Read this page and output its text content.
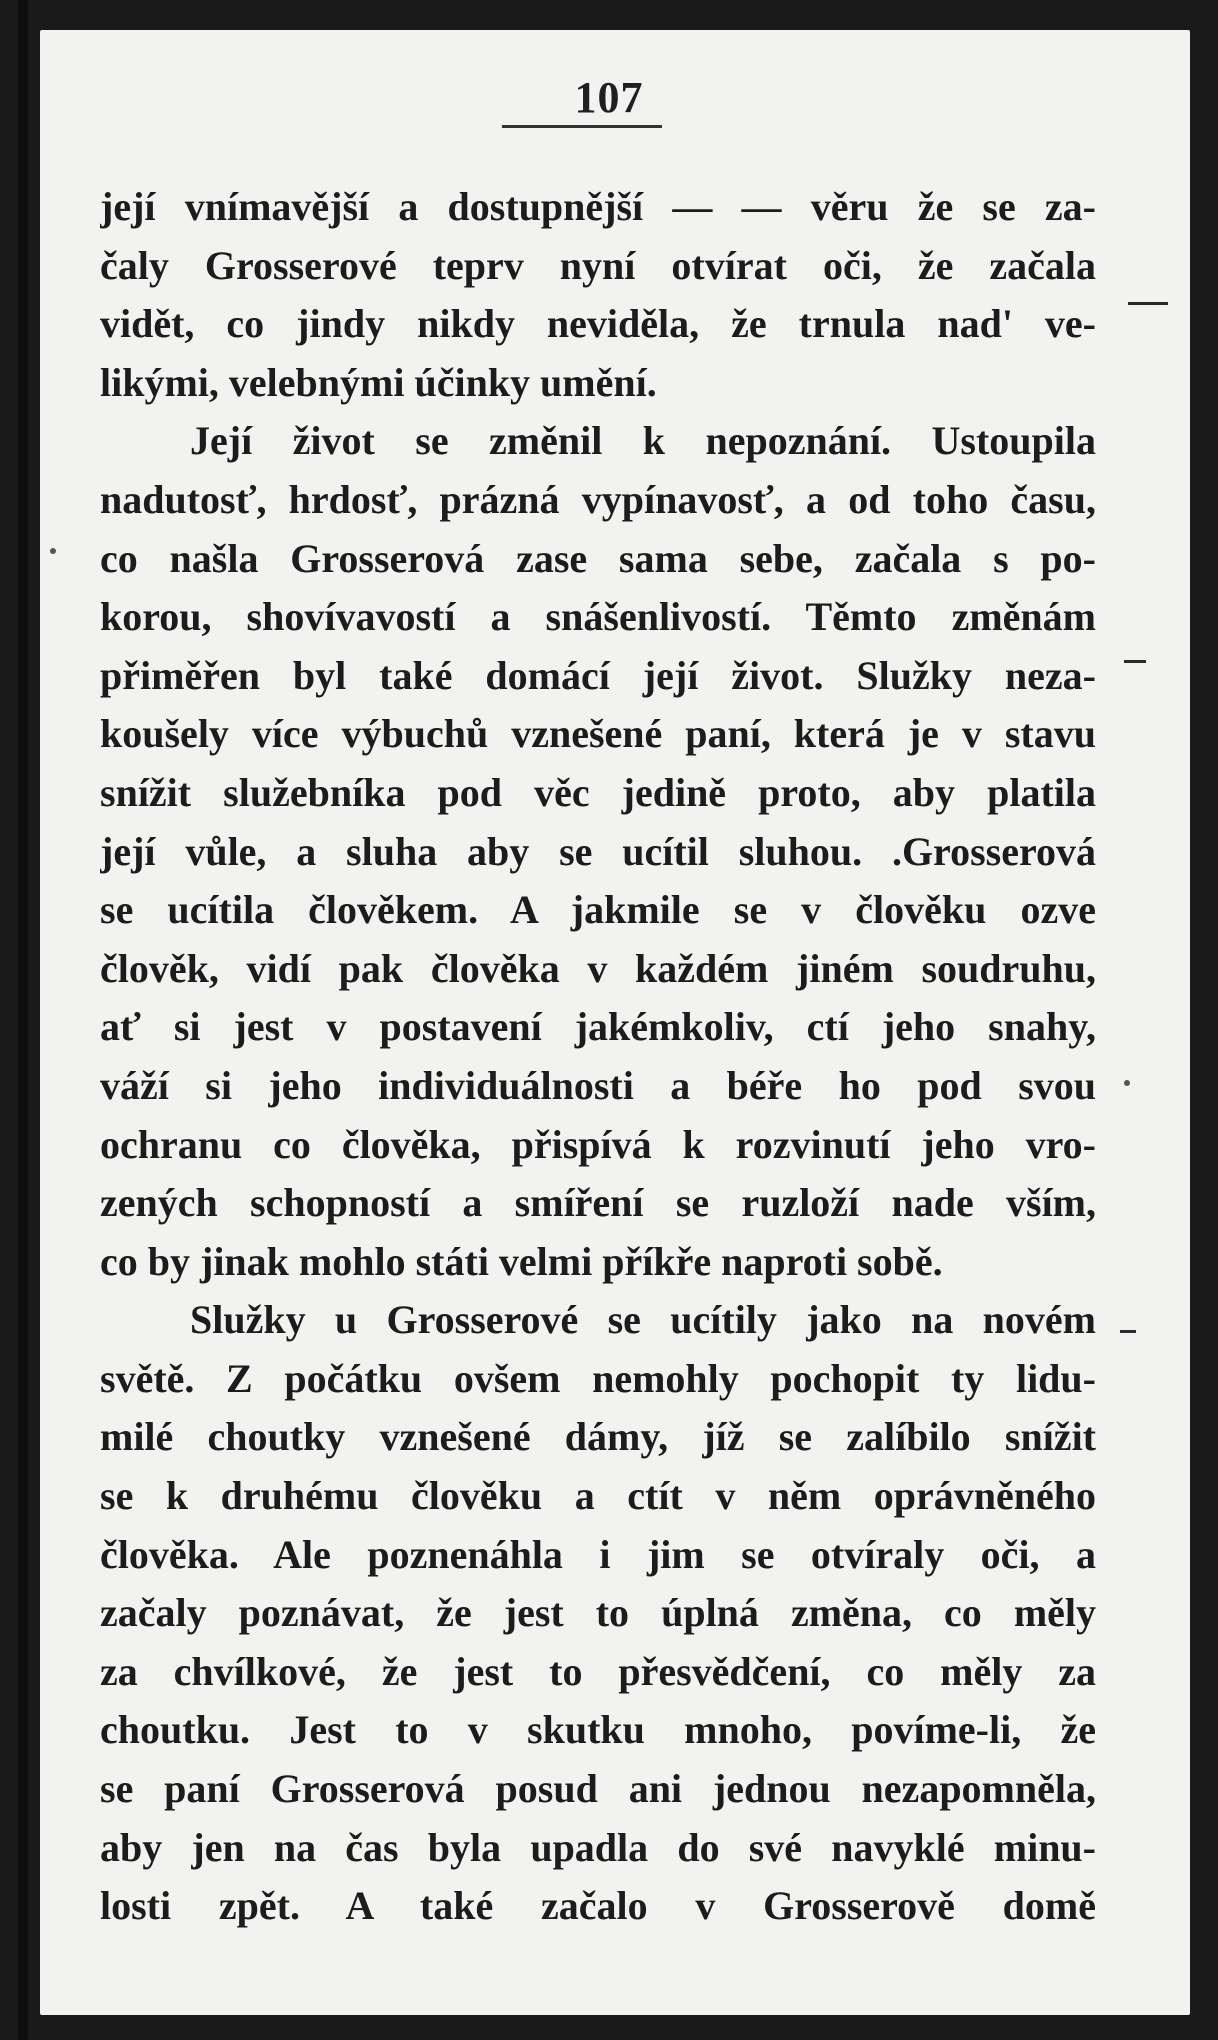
107
její vnímavější a dostupnější — — věru že se za-
čaly Grosserové teprv nyní otvírat oči, že začala
vidět, co jindy nikdy neviděla, že trnula nad' ve-
likými, velebnými účinky umění.
Její život se změnil k nepoznání. Ustoupila
nadutosť, hrdosť, prázná vypínavosť, a od toho času,
co našla Grosserová zase sama sebe, začala s po-
korou, shovívavostí a snášenlivostí. Těmto změnám
přiměřen byl také domácí její život. Služky neza-
koušely více výbuchů vznešené paní, která je v stavu
snížit služebníka pod věc jedině proto, aby platila
její vůle, a sluha aby se ucítil sluhou. .Grosserová
se ucítila člověkem. A jakmile se v člověku ozve
člověk, vidí pak člověka v každém jiném soudruhu,
ať si jest v postavení jakémkoliv, ctí jeho snahy,
váží si jeho individuálnosti a béře ho pod svou
ochranu co člověka, přispívá k rozvinutí jeho vro-
zených schopností a smíření se ruzloží nade vším,
co by jinak mohlo státi velmi příkře naproti sobě.
Služky u Grosserové se ucítily jako na novém
světě. Z počátku ovšem nemohly pochopit ty lidu-
milé choutky vznešené dámy, jíž se zalíbilo snížit
se k druhému člověku a ctít v něm oprávněného
člověka. Ale poznenáhla i jim se otvíraly oči, a
začaly poznávat, že jest to úplná změna, co měly
za chvílkové, že jest to přesvědčení, co měly za
choutku. Jest to v skutku mnoho, povíme-li, že
se paní Grosserová posud ani jednou nezapomněla,
aby jen na čas byla upadla do své navyklé minu-
losti zpět. A také začalo v Grosserově domě
